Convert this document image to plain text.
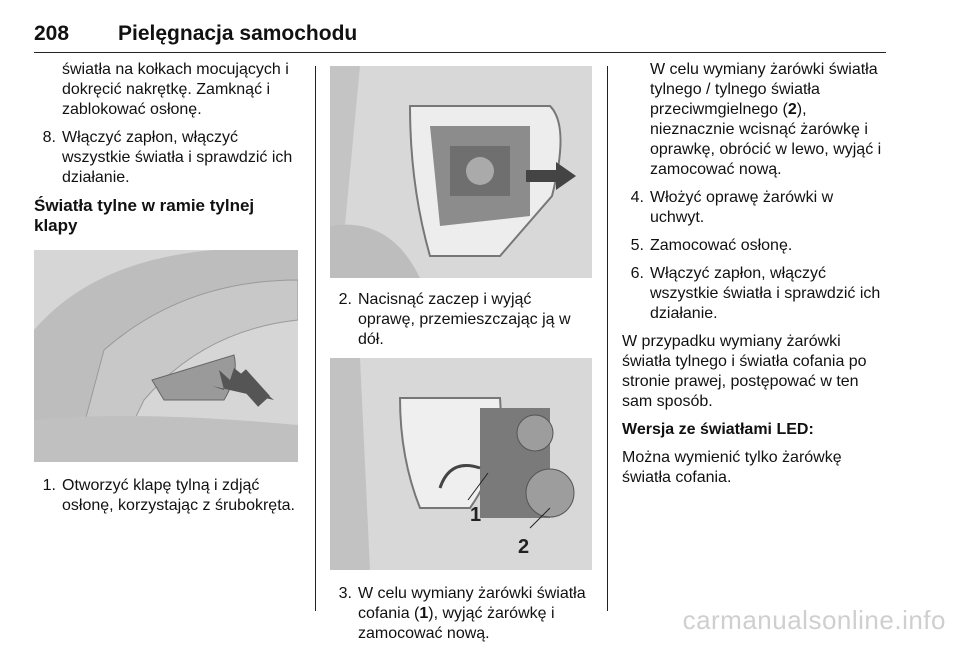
208 Pielęgnacja samochodu
światła na kołkach mocujących i dokręcić nakrętkę. Zamknąć i zablokować osłonę.
8. Włączyć zapłon, włączyć wszystkie światła i sprawdzić ich działanie.
Światła tylne w ramie tylnej klapy
1. Otworzyć klapę tylną i zdjąć osłonę, korzystając z śrubokręta.
2. Nacisnąć zaczep i wyjąć oprawę, przemieszczając ją w dół.
1
2
3. W celu wymiany żarówki światła cofania (1), wyjąć żarówkę i zamocować nową.
W celu wymiany żarówki światła tylnego / tylnego światła przeciwmgielnego (2), nieznacznie wcisnąć żarówkę i oprawkę, obrócić w lewo, wyjąć i zamocować nową.
4. Włożyć oprawę żarówki w uchwyt.
5. Zamocować osłonę.
6. Włączyć zapłon, włączyć wszystkie światła i sprawdzić ich działanie.

W przypadku wymiany żarówki światła tylnego i światła cofania po stronie prawej, postępować w ten sam sposób.

Wersja ze światłami LED:

Można wymienić tylko żarówkę światła cofania.

carmanualsonline.info
